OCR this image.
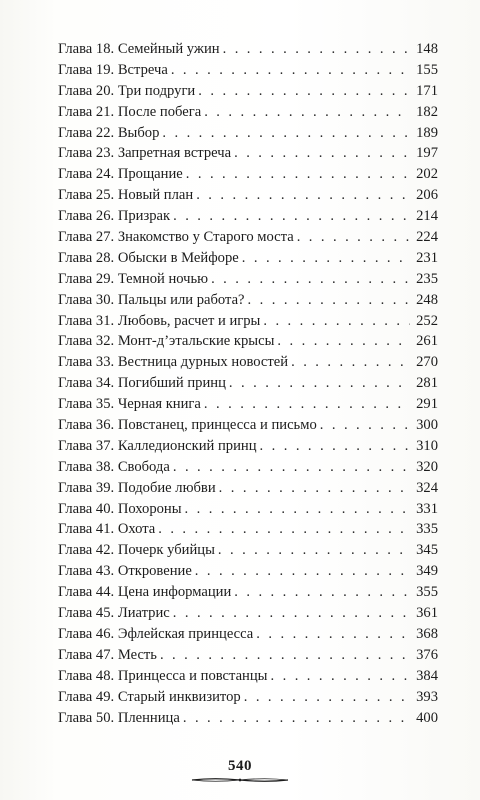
Глава 18. Семейный ужин . . .	148
Глава 19. Встреча . . .	155
Глава 20. Три подруги . . .	171
Глава 21. После побега . . .	182
Глава 22. Выбор . . .	189
Глава 23. Запретная встреча . . .	197
Глава 24. Прощание . . .	202
Глава 25. Новый план . . .	206
Глава 26. Призрак . . .	214
Глава 27. Знакомство у Старого моста . . .	224
Глава 28. Обыски в Мейфоре . . .	231
Глава 29. Темной ночью . . .	235
Глава 30. Пальцы или работа? . . .	248
Глава 31. Любовь, расчет и игры . . .	252
Глава 32. Монт-д’этальские крысы . . .	261
Глава 33. Вестница дурных новостей . . .	270
Глава 34. Погибший принц . . .	281
Глава 35. Черная книга . . .	291
Глава 36. Повстанец, принцесса и письмо . . .	300
Глава 37. Калледионский принц . . .	310
Глава 38. Свобода . . .	320
Глава 39. Подобие любви . . .	324
Глава 40. Похороны . . .	331
Глава 41. Охота . . .	335
Глава 42. Почерк убийцы . . .	345
Глава 43. Откровение . . .	349
Глава 44. Цена информации . . .	355
Глава 45. Лиатрис . . .	361
Глава 46. Эфлейская принцесса . . .	368
Глава 47. Месть . . .	376
Глава 48. Принцесса и повстанцы . . .	384
Глава 49. Старый инквизитор . . .	393
Глава 50. Пленница . . .	400
540
